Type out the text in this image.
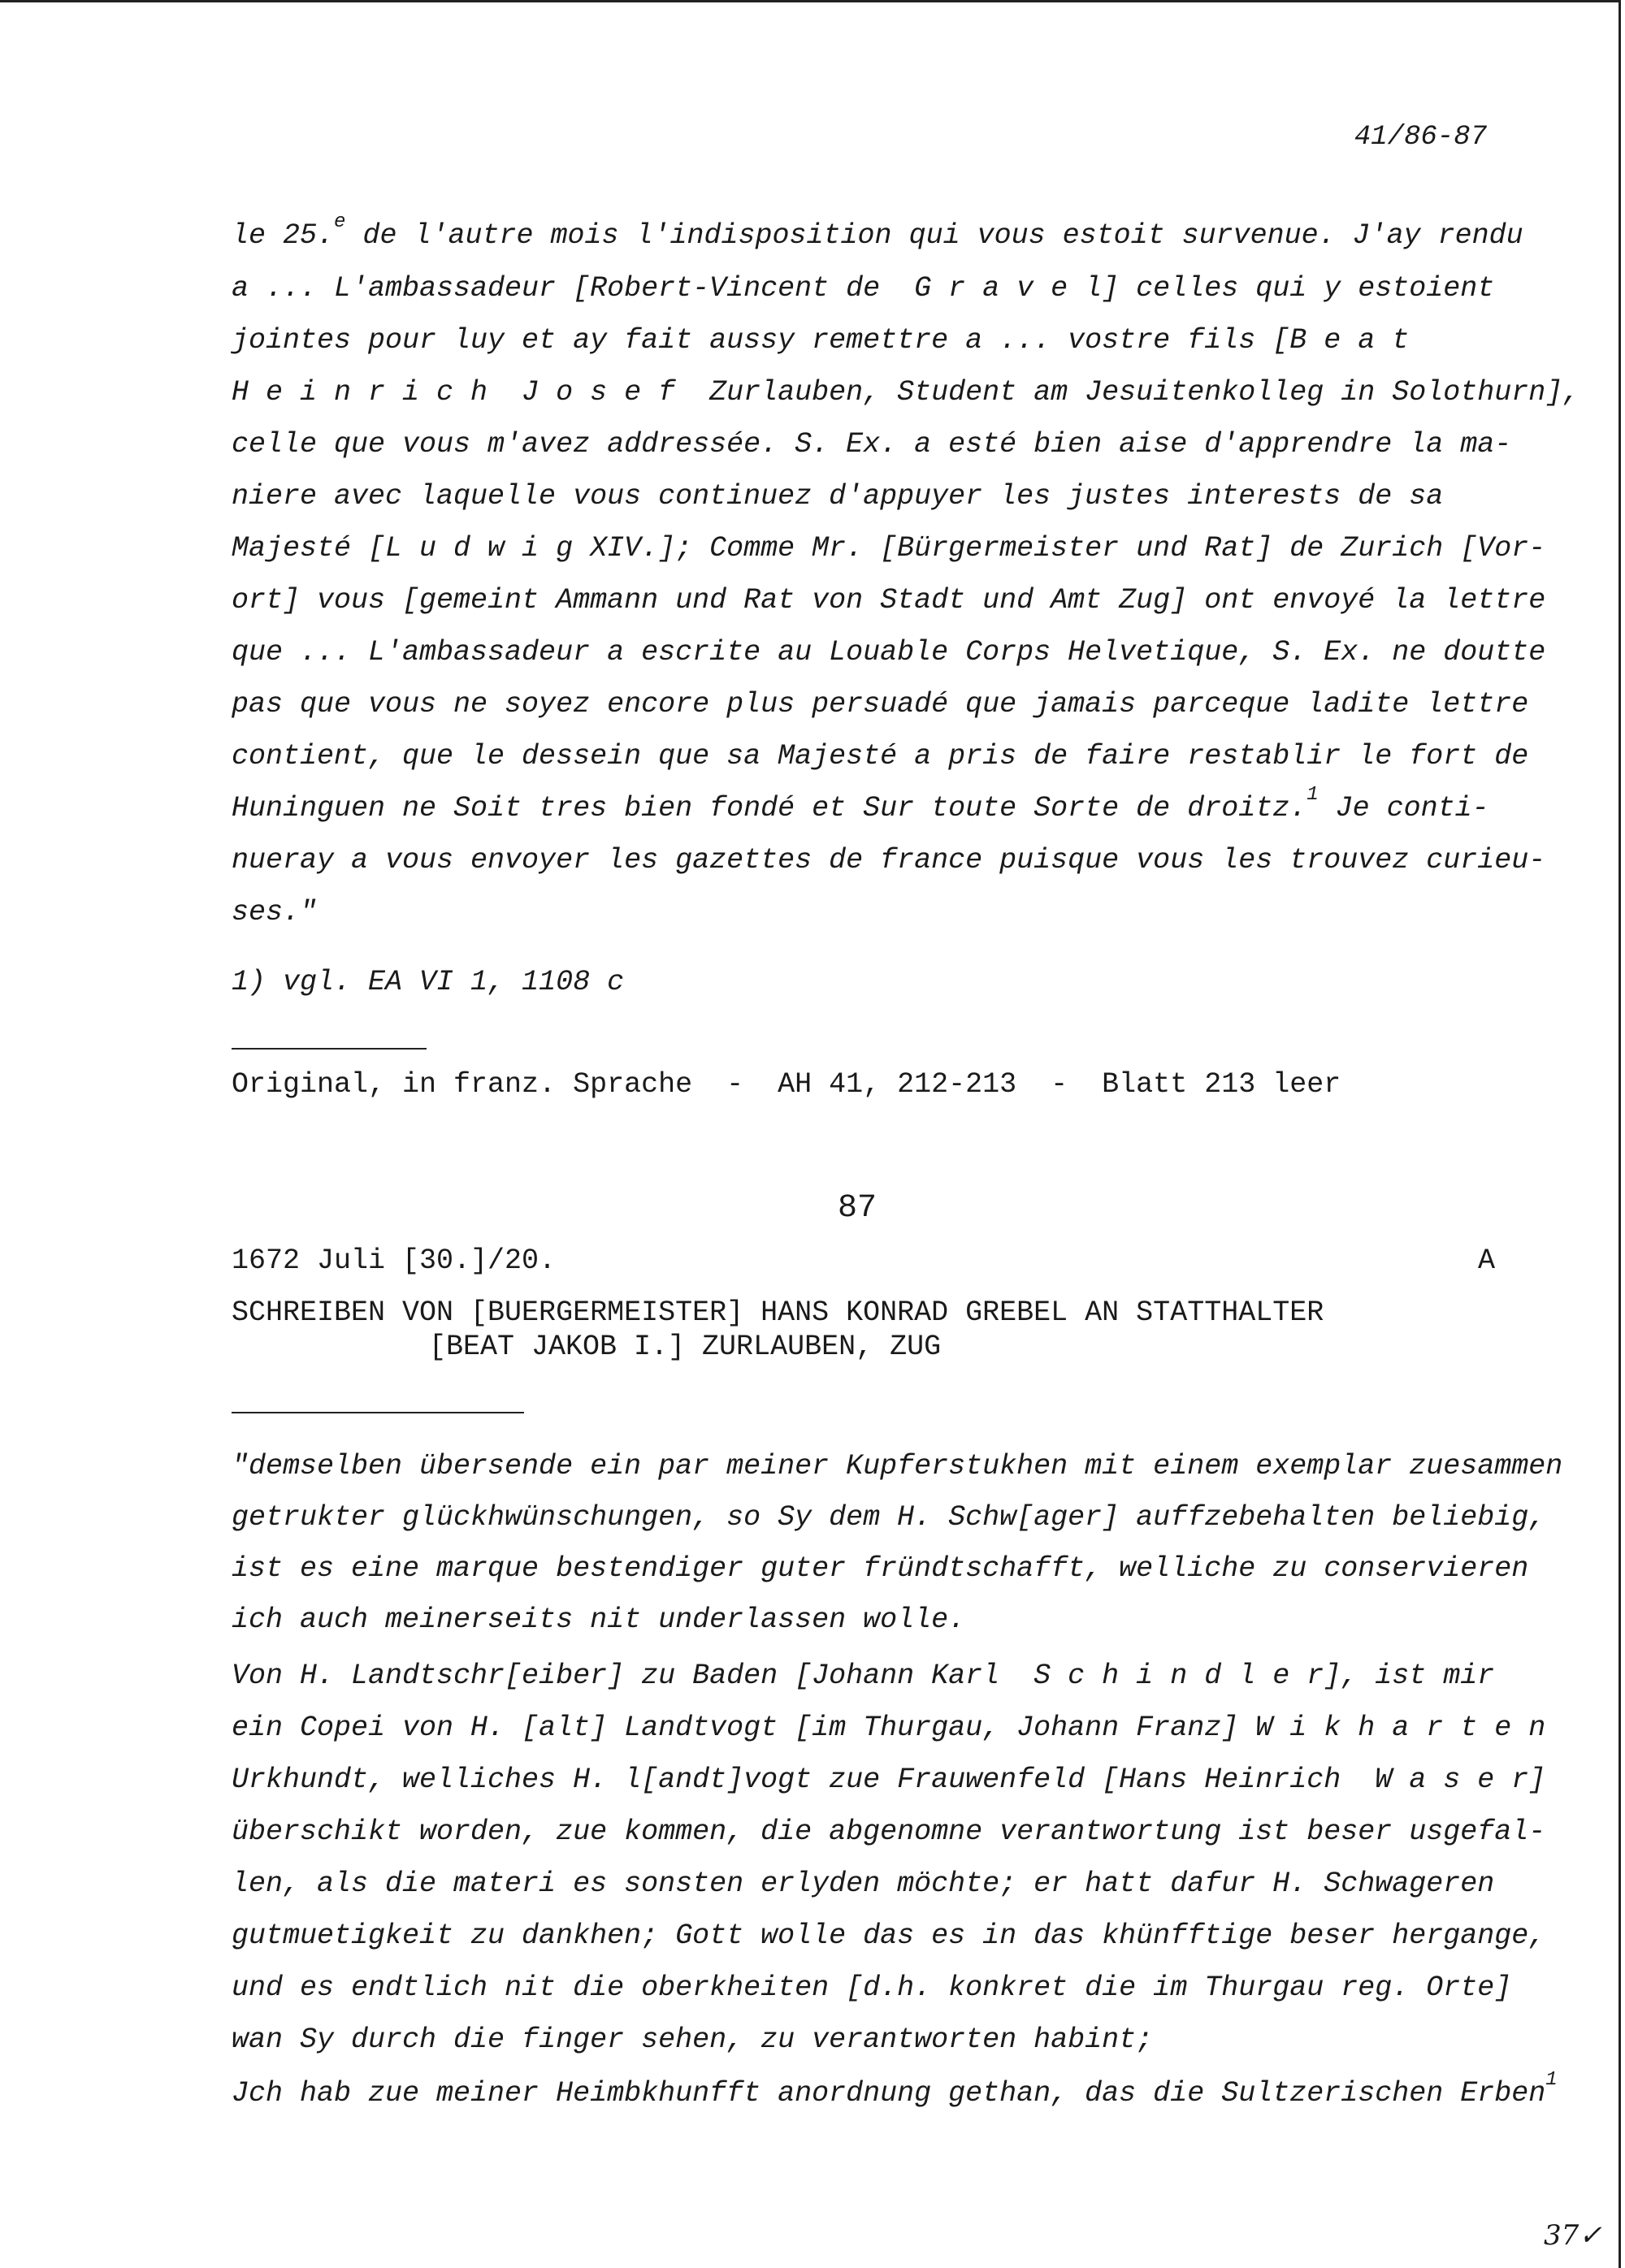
41/86-87
le 25.$^e$ de l'autre mois l'indisposition qui vous estoit survenue. J'ay rendu
a ... L'ambassadeur [Robert-Vincent de  G r a v e l] celles qui y estoient
jointes pour luy et ay fait aussy remettre a ... vostre fils [B e a t
H e i n r i c h  J o s e f  Zurlauben, Student am Jesuitenkolleg in Solothurn],
celle que vous m'avez addressée. S. Ex. a esté bien aise d'apprendre la ma-
niere avec laquelle vous continuez d'appuyer les justes interests de sa
Majesté [L u d w i g XIV.]; Comme Mr. [Bürgermeister und Rat] de Zurich [Vor-
ort] vous [gemeint Ammann und Rat von Stadt und Amt Zug] ont envoyé la lettre
que ... L'ambassadeur a escrite au Louable Corps Helvetique, S. Ex. ne doutte
pas que vous ne soyez encore plus persuadé que jamais parceque ladite lettre
contient, que le dessein que sa Majesté a pris de faire restablir le fort de
Huninguen ne Soit tres bien fondé et Sur toute Sorte de droitz.$^1$ Je conti-
nueray a vous envoyer les gazettes de france puisque vous les trouvez curieu-
ses."
1) vgl. EA VI 1, 1108 c
Original, in franz. Sprache  -  AH 41, 212-213  -  Blatt 213 leer
87
1672 Juli [30.]/20.	A
SCHREIBEN VON [BUERGERMEISTER] HANS KONRAD GREBEL AN STATTHALTER
[BEAT JAKOB I.] ZURLAUBEN, ZUG
"demselben übersende ein par meiner Kupferstukhen mit einem exemplar zuesammen
getrukter glückhwünschungen, so Sy dem H. Schw[ager] auffzebehalten beliebig,
ist es eine marque bestendiger guter fründtschafft, welliche zu conservieren
ich auch meinerseits nit underlassen wolle.
Von H. Landtschr[eiber] zu Baden [Johann Karl  S c h i n d l e r], ist mir
ein Copei von H. [alt] Landtvogt [im Thurgau, Johann Franz] W i k h a r t e n
Urkhundt, welliches H. l[andt]vogt zue Frauwenfeld [Hans Heinrich  W a s e r]
überschikt worden, zue kommen, die abgenomne verantwortung ist beser usgefal-
len, als die materi es sonsten erlyden möchte; er hatt dafur H. Schwageren
gutmuetigkeit zu dankhen; Gott wolle das es in das khünfftige beser hergange,
und es endtlich nit die oberkheiten [d.h. konkret die im Thurgau reg. Orte]
wan Sy durch die finger sehen, zu verantworten habint;
Jch hab zue meiner Heimbkhunfft anordnung gethan, das die Sultzerischen Erben$^1$
37✓
